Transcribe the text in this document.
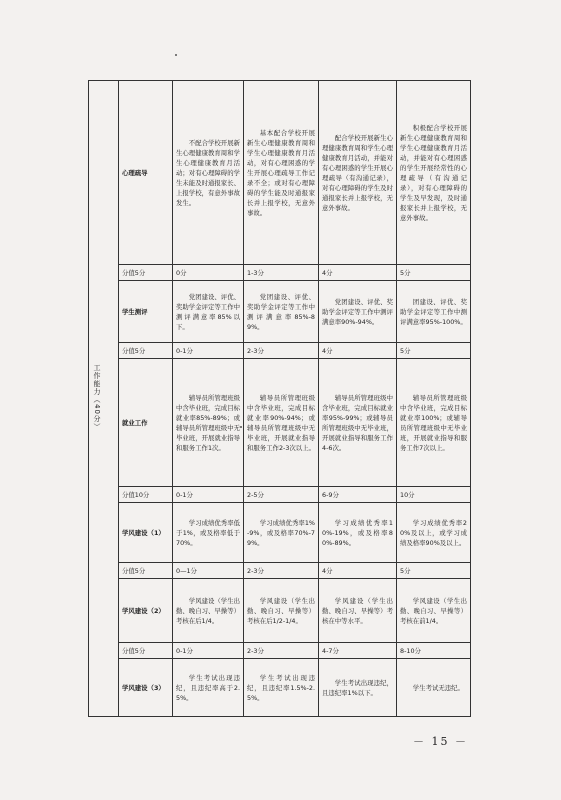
工作能力（40分）	心理疏导	不配合学校开展新生心理健康教育周和学生心理健康教育月活动；对有心理障碍的学生未能及时通报家长、上报学校，有意外事故发生。	基本配合学校开展新生心理健康教育周和学生心理健康教育月活动，对有心理困惑的学生开展心理疏导工作记录不全；或对有心理障碍的学生能及时通报家长并上报学校，无意外事故。	配合学校开展新生心理健康教育周和学生心理健康教育月活动，并能对有心理困惑的学生开展心理疏导（有沟通记录），对有心理障碍的学生及时通报家长并上报学校，无意外事故。	积极配合学校开展新生心理健康教育周和学生心理健康教育月活动，并能对有心理困惑的学生开展经常性的心理疏导（有沟通记录），对有心理障碍的学生及早发现，及时通报家长并上报学校，无意外事故。

	分值5分	0分	1-3分	4分	5分
	学生测评	党团建设、评优、奖助学金评定等工作中测评满意率85%以下。	党团建设、评优、奖助学金评定等工作中测评满意率85%-89%。	党团建设、评优、奖助学金评定等工作中测评满意率90%-94%。	团建设、评优、奖助学金评定等工作中测评满意率95%-100%。

	分值5分	0-1分	2-3分	4分	5分
	就业工作	辅导员所管理班级中含毕业班，完成目标就业率85%-89%；或辅导员所管理班级中无毕业班，开展就业指导和服务工作1次。	辅导员所管理班级中含毕业班，完成目标就业率90%-94%；或辅导员所管理班级中无毕业班，开展就业指导和服务工作2-3次以上。	辅导员所管理班级中含毕业班，完成目标就业率95%-99%；或辅导员所管理班级中无毕业班，开展就业指导和服务工作4-6次。	辅导员所管理班级中含毕业班，完成目标就业率100%；或辅导员所管理班级中无毕业班，开展就业指导和服务工作7次以上。

	分值10分	0-1分	2-5分	6-9分	10分
	学风建设（1）	学习成绩优秀率低于1%，或及格率低于70%。	学习成绩优秀率1%-9%，或及格率70%-79%。	学习成绩优秀率10%-19%，或及格率80%-89%。	学习成绩优秀率20%及以上，或学习成绩及格率90%及以上。

	分值5分	0—1分	2-3分	4分	5分
	学风建设（2）	学风建设（学生出勤、晚自习、早操等）考核在后1/4。	学风建设（学生出勤、晚自习、早操等）考核在后1/2-1/4。	学风建设（学生出勤、晚自习、早操等）考核在中等水平。	学风建设（学生出勤、晚自习、早操等）考核在前1/4。

	分值5分	0-1分	2-3分	4-7分	8-10分
	学风建设（3）	学生考试出现违纪，且违纪率高于2.5%。	学生考试出现违纪，且违纪率1.5%-2.5%。	学生考试出现违纪，且违纪率1%以下。	学生考试无违纪。
－ 15 －
